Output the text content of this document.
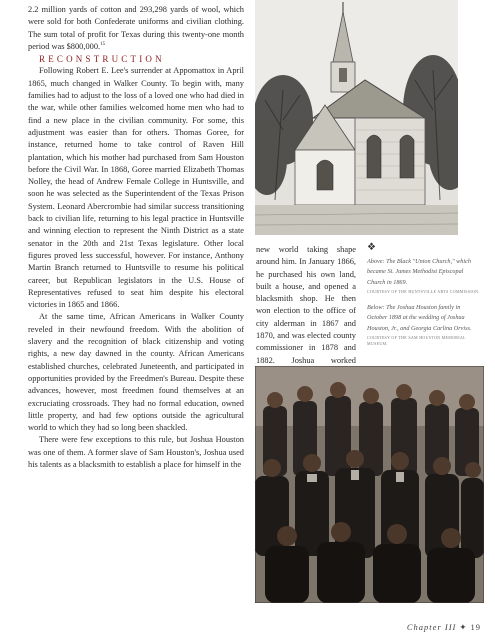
2.2 million yards of cotton and 293,298 yards of wool, which were sold for both Confederate uniforms and civilian clothing. The sum total of profit for Texas during this twenty-one month period was $800,000.15

RECONSTRUCTION

Following Robert E. Lee's surrender at Appomattox in April 1865, much changed in Walker County. To begin with, many families had to adjust to the loss of a loved one who had died in the war, while other families welcomed home men who had to find a new place in the civilian community. For some, this adjustment was easier than for others. Thomas Goree, for instance, returned home to take control of Raven Hill plantation, which his mother had purchased from Sam Houston before the Civil War. In 1868, Goree married Elizabeth Thomas Nolley, the head of Andrew Female College in Huntsville, and soon he was selected as the Superintendent of the Texas Prison System. Leonard Abercrombie had similar success transitioning back to civilian life, returning to his legal practice in Huntsville and winning election to represent the Ninth District as a state senator in the 20th and 21st Texas legislature. Other local figures proved less successful, however. For instance, Anthony Martin Branch returned to Huntsville to resume his political career, but Republican legislators in the U.S. House of Representatives refused to seat him despite his electoral victories in 1865 and 1866.

At the same time, African Americans in Walker County reveled in their newfound freedom. With the abolition of slavery and the recognition of black citizenship and voting rights, a new day dawned in the county. African Americans established churches, celebrated Juneteenth, and participated in opportunities provided by the Freedmen's Bureau. Despite these advances, however, most freedmen found themselves at an excruciating crossroads. They had no formal education, owned little property, and had few options outside the agricultural world to which they had so long been shackled.

There were few exceptions to this rule, but Joshua Houston was one of them. A former slave of Sam Houston's, Joshua used his talents as a blacksmith to establish a place for himself in the

new world taking shape around him. In January 1866, he purchased his own land, built a house, and opened a blacksmith shop. He then won election to the office of city alderman in 1867 and 1870, and was elected county commissioner in 1878 and 1882. Joshua worked

❖

Above: The Black "Union Church," which became St. James Methodist Episcopal Church in 1869.

COURTESY OF THE HUNTSVILLE ARTS COMMISSION.

Below: The Joshua Houston family in October 1898 at the wedding of Joshua Houston, Jr., and Georgia Carlina Orviss.

COURTESY OF THE SAM HOUSTON MEMORIAL MUSEUM.

Chapter III ✦ 19
